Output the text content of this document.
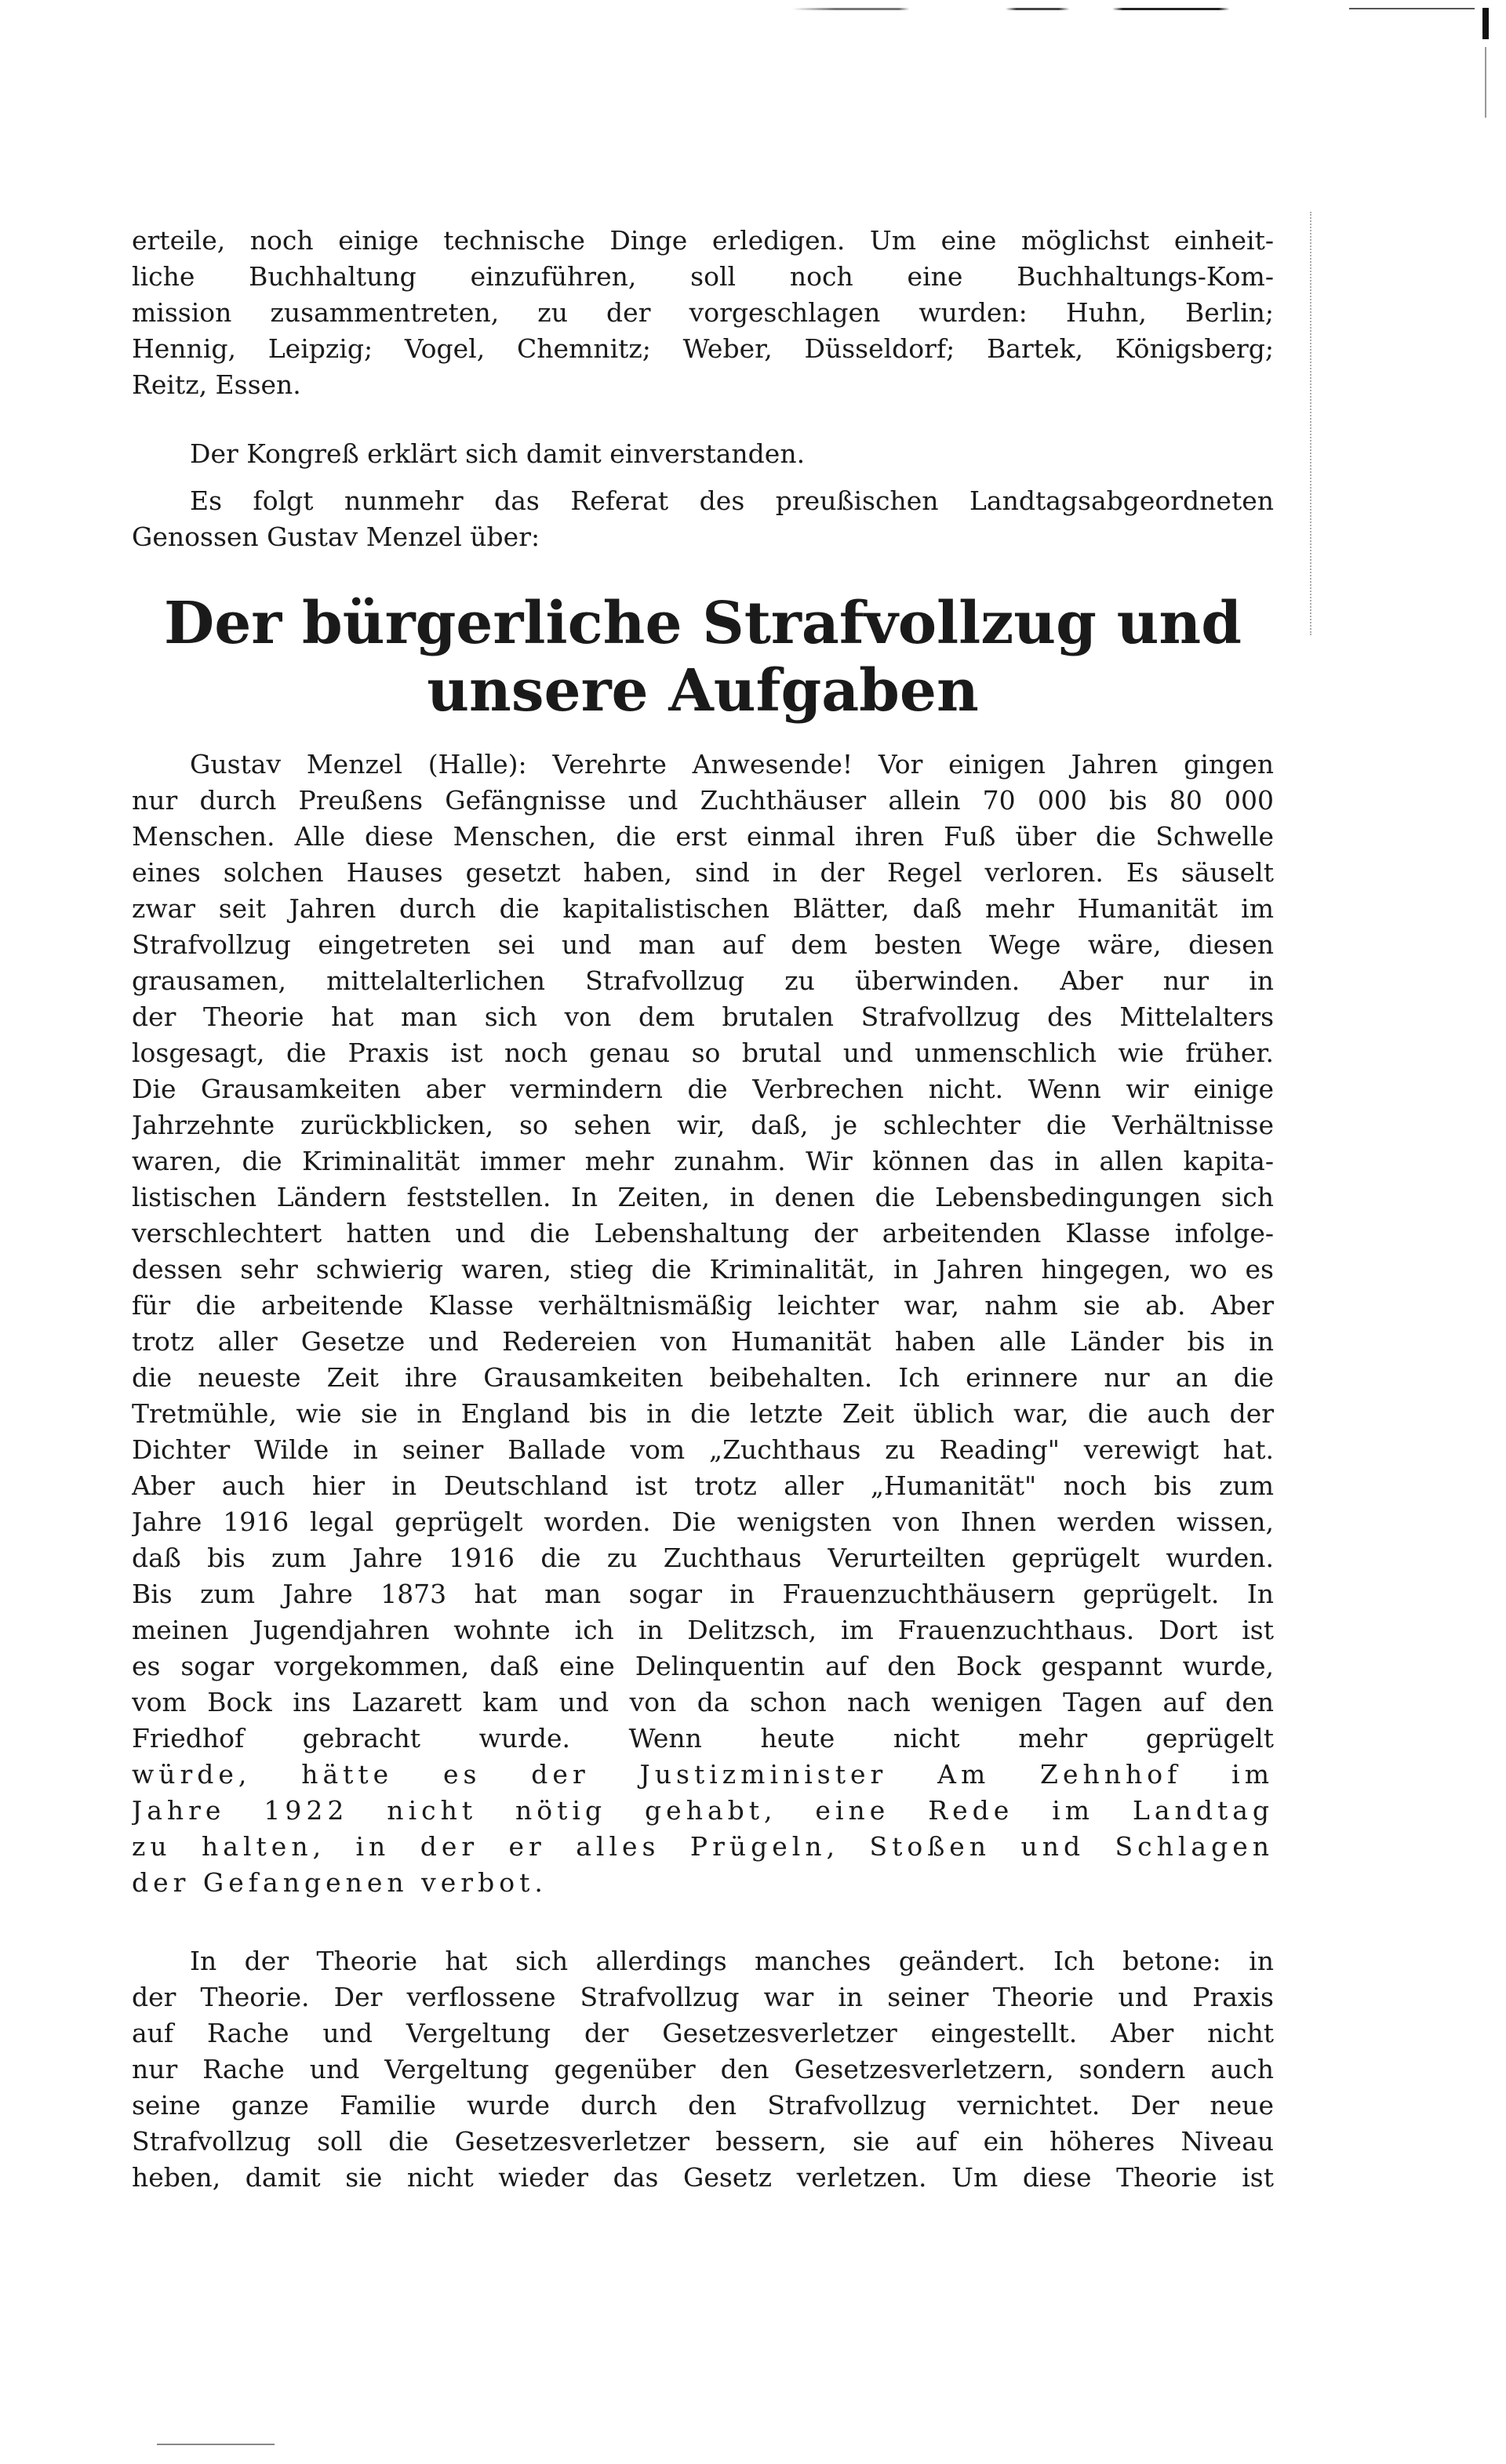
erteile, noch einige technische Dinge erledigen. Um eine möglichst einheit-
liche Buchhaltung einzuführen, soll noch eine Buchhaltungs-Kom-
mission zusammentreten, zu der vorgeschlagen wurden: Huhn, Berlin;
Hennig, Leipzig; Vogel, Chemnitz; Weber, Düsseldorf; Bartek, Königsberg;
Reitz, Essen.
Der Kongreß erklärt sich damit einverstanden.
Es folgt nunmehr das Referat des preußischen Landtagsabgeordneten
Genossen Gustav Menzel über:
Der bürgerliche Strafvollzug und
unsere Aufgaben
Gustav Menzel (Halle): Verehrte Anwesende! Vor einigen Jahren gingen
nur durch Preußens Gefängnisse und Zuchthäuser allein 70 000 bis 80 000
Menschen. Alle diese Menschen, die erst einmal ihren Fuß über die Schwelle
eines solchen Hauses gesetzt haben, sind in der Regel verloren. Es säuselt
zwar seit Jahren durch die kapitalistischen Blätter, daß mehr Humanität im
Strafvollzug eingetreten sei und man auf dem besten Wege wäre, diesen
grausamen, mittelalterlichen Strafvollzug zu überwinden. Aber nur in
der Theorie hat man sich von dem brutalen Strafvollzug des Mittelalters
losgesagt, die Praxis ist noch genau so brutal und unmenschlich wie früher.
Die Grausamkeiten aber vermindern die Verbrechen nicht. Wenn wir einige
Jahrzehnte zurückblicken, so sehen wir, daß, je schlechter die Verhältnisse
waren, die Kriminalität immer mehr zunahm. Wir können das in allen kapita-
listischen Ländern feststellen. In Zeiten, in denen die Lebensbedingungen sich
verschlechtert hatten und die Lebenshaltung der arbeitenden Klasse infolge-
dessen sehr schwierig waren, stieg die Kriminalität, in Jahren hingegen, wo es
für die arbeitende Klasse verhältnismäßig leichter war, nahm sie ab. Aber
trotz aller Gesetze und Redereien von Humanität haben alle Länder bis in
die neueste Zeit ihre Grausamkeiten beibehalten. Ich erinnere nur an die
Tretmühle, wie sie in England bis in die letzte Zeit üblich war, die auch der
Dichter Wilde in seiner Ballade vom „Zuchthaus zu Reading" verewigt hat.
Aber auch hier in Deutschland ist trotz aller „Humanität" noch bis zum
Jahre 1916 legal geprügelt worden. Die wenigsten von Ihnen werden wissen,
daß bis zum Jahre 1916 die zu Zuchthaus Verurteilten geprügelt wurden.
Bis zum Jahre 1873 hat man sogar in Frauenzuchthäusern geprügelt. In
meinen Jugendjahren wohnte ich in Delitzsch, im Frauenzuchthaus. Dort ist
es sogar vorgekommen, daß eine Delinquentin auf den Bock gespannt wurde,
vom Bock ins Lazarett kam und von da schon nach wenigen Tagen auf den
Friedhof gebracht wurde. Wenn heute nicht mehr geprügelt
würde, hätte es der Justizminister Am Zehnhof im
Jahre 1922 nicht nötig gehabt, eine Rede im Landtag
zu halten, in der er alles Prügeln, Stoßen und Schlagen
der Gefangenen verbot.
In der Theorie hat sich allerdings manches geändert. Ich betone: in
der Theorie. Der verflossene Strafvollzug war in seiner Theorie und Praxis
auf Rache und Vergeltung der Gesetzesverletzer eingestellt. Aber nicht
nur Rache und Vergeltung gegenüber den Gesetzesverletzern, sondern auch
seine ganze Familie wurde durch den Strafvollzug vernichtet. Der neue
Strafvollzug soll die Gesetzesverletzer bessern, sie auf ein höheres Niveau
heben, damit sie nicht wieder das Gesetz verletzen. Um diese Theorie ist
